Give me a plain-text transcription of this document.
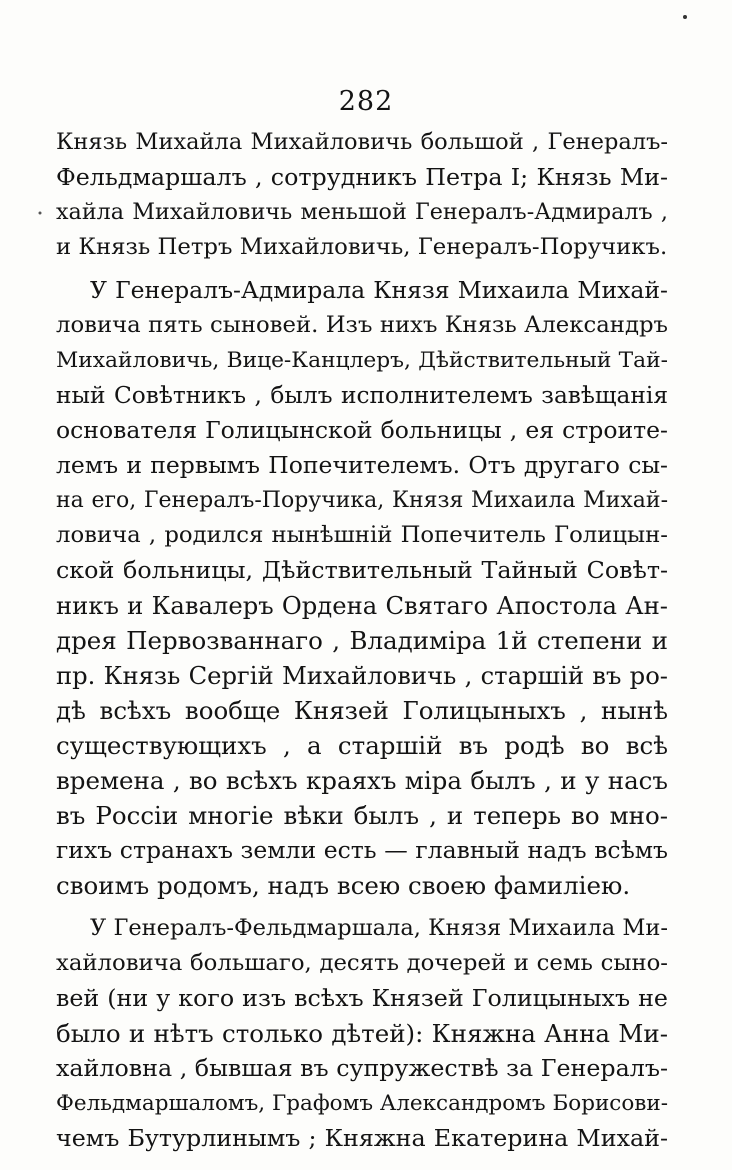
282
Князь Михайла Михайловичь большой , Генералъ-
Фельдмаршалъ , сотрудникъ Петра I; Князь Ми-
хайла Михайловичь меньшой Генералъ-Адмиралъ ,
и Князь Петръ Михайловичь, Генералъ-Поручикъ.
У Генералъ-Адмирала Князя Михаила Михай-
ловича пять сыновей. Изъ нихъ Князь Александръ
Михайловичь, Вице-Канцлеръ, Дѣйствительный Тай-
ный Совѣтникъ , былъ исполнителемъ завѣщанія
основателя Голицынской больницы , ея строите-
лемъ и первымъ Попечителемъ. Отъ другаго сы-
на его, Генералъ-Поручика, Князя Михаила Михай-
ловича , родился нынѣшній Попечитель Голицын-
ской больницы, Дѣйствительный Тайный Совѣт-
никъ и Кавалеръ Ордена Святаго Апостола Ан-
дрея Первозваннаго , Владиміра 1й степени и
пр. Князь Сергій Михайловичь , старшій въ ро-
дѣ всѣхъ вообще Князей Голицыныхъ , нынѣ
существующихъ , а старшій въ родѣ во всѣ
времена , во всѣхъ краяхъ міра былъ , и у насъ
въ Россіи многіе вѣки былъ , и теперь во мно-
гихъ странахъ земли есть — главный надъ всѣмъ
своимъ родомъ, надъ всею своею фамиліею.
У Генералъ-Фельдмаршала, Князя Михаила Ми-
хайловича большаго, десять дочерей и семь сыно-
вей (ни у кого изъ всѣхъ Князей Голицыныхъ не
было и нѣтъ столько дѣтей): Княжна Анна Ми-
хайловна , бывшая въ супружествѣ за Генералъ-
Фельдмаршаломъ, Графомъ Александромъ Борисови-
чемъ Бутурлинымъ ; Княжна Екатерина Михай-
